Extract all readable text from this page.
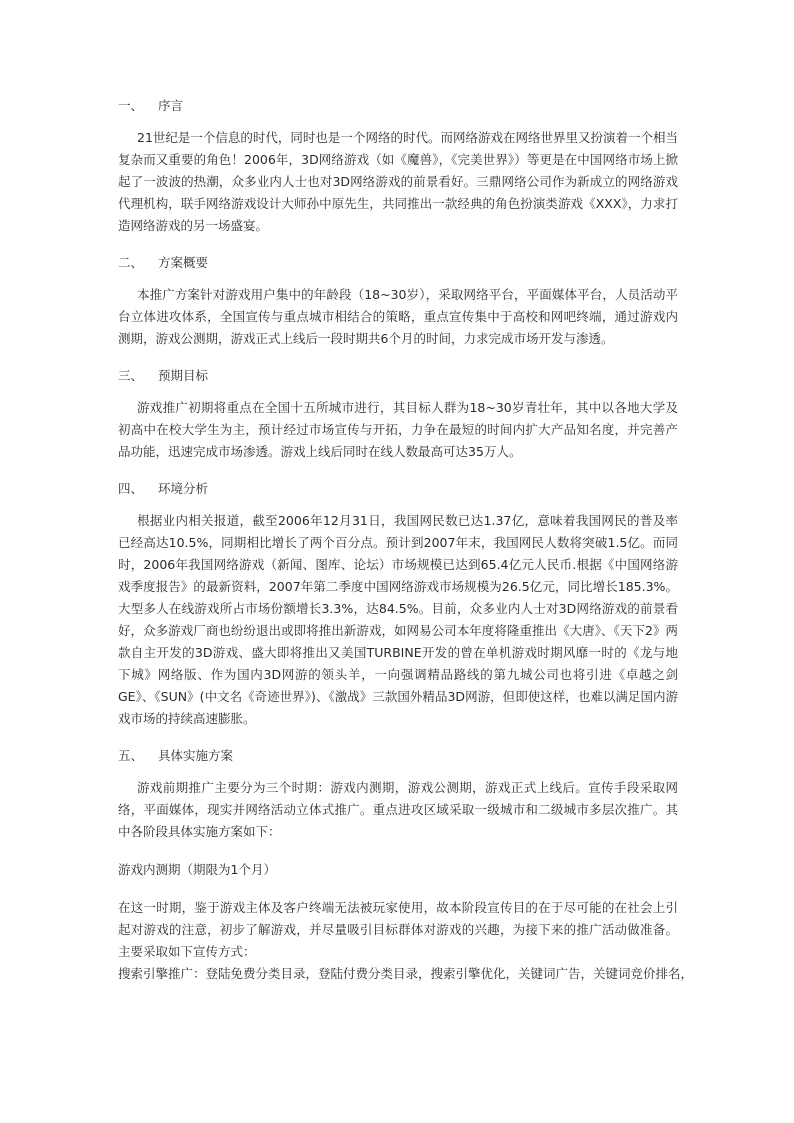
一、	序言

21世纪是一个信息的时代，同时也是一个网络的时代。而网络游戏在网络世界里又扮演着一个相当复杂而又重要的角色！2006年，3D网络游戏（如《魔兽》，《完美世界》）等更是在中国网络市场上掀起了一波波的热潮，众多业内人士也对3D网络游戏的前景看好。三鼎网络公司作为新成立的网络游戏代理机构，联手网络游戏设计大师孙中原先生，共同推出一款经典的角色扮演类游戏《XXX》，力求打造网络游戏的另一场盛宴。

二、	方案概要

本推广方案针对游戏用户集中的年龄段（18~30岁），采取网络平台，平面媒体平台，人员活动平台立体进攻体系，全国宣传与重点城市相结合的策略，重点宣传集中于高校和网吧终端，通过游戏内测期，游戏公测期，游戏正式上线后一段时期共6个月的时间，力求完成市场开发与渗透。

三、	预期目标

游戏推广初期将重点在全国十五所城市进行，其目标人群为18~30岁青壮年，其中以各地大学及初高中在校大学生为主，预计经过市场宣传与开拓，力争在最短的时间内扩大产品知名度，并完善产品功能，迅速完成市场渗透。游戏上线后同时在线人数最高可达35万人。

四、	环境分析

根据业内相关报道，截至2006年12月31日，我国网民数已达1.37亿，意味着我国网民的普及率已经高达10.5%，同期相比增长了两个百分点。预计到2007年末，我国网民人数将突破1.5亿。而同时，2006年我国网络游戏（新闻、图库、论坛）市场规模已达到65.4亿元人民币.根据《中国网络游戏季度报告》的最新资料，2007年第二季度中国网络游戏市场规模为26.5亿元，同比增长185.3%。大型多人在线游戏所占市场份额增长3.3%，达84.5%。目前，众多业内人士对3D网络游戏的前景看好，众多游戏厂商也纷纷退出或即将推出新游戏，如网易公司本年度将隆重推出《大唐》、《天下2》两款自主开发的3D游戏、盛大即将推出又美国TURBINE开发的曾在单机游戏时期风靡一时的《龙与地下城》网络版、作为国内3D网游的领头羊，一向强调精品路线的第九城公司也将引进《卓越之剑GE》、《SUN》(中文名《奇迹世界》)、《激战》三款国外精品3D网游，但即使这样，也难以满足国内游戏市场的持续高速膨胀。

五、	具体实施方案

游戏前期推广主要分为三个时期：游戏内测期，游戏公测期，游戏正式上线后。宣传手段采取网络，平面媒体，现实并网络活动立体式推广。重点进攻区域采取一级城市和二级城市多层次推广。其中各阶段具体实施方案如下：

游戏内测期（期限为1个月）

在这一时期，鉴于游戏主体及客户终端无法被玩家使用，故本阶段宣传目的在于尽可能的在社会上引起对游戏的注意，初步了解游戏，并尽量吸引目标群体对游戏的兴趣，为接下来的推广活动做准备。主要采取如下宣传方式：

搜索引擎推广：登陆免费分类目录，登陆付费分类目录，搜索引擎优化，关键词广告，关键词竞价排名，
